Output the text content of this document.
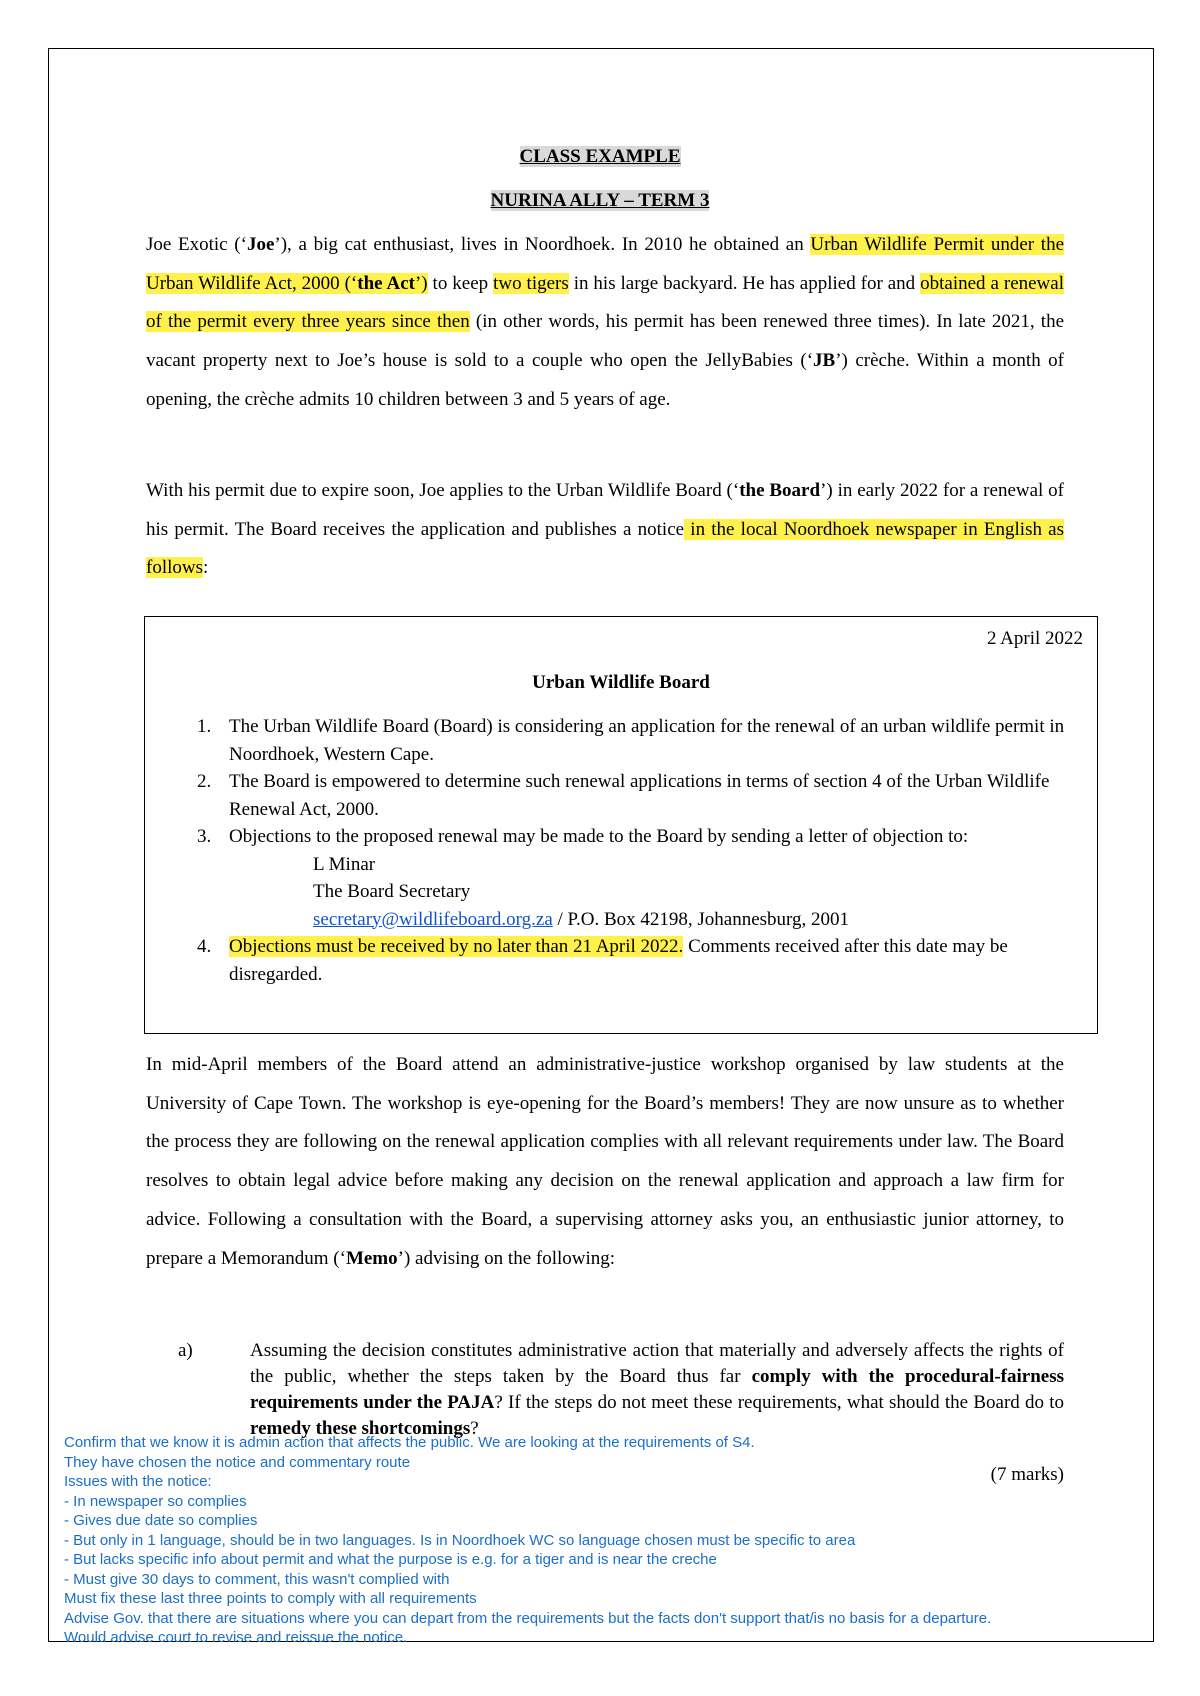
CLASS EXAMPLE
NURINA ALLY – TERM 3
Joe Exotic (‘Joe’), a big cat enthusiast, lives in Noordhoek. In 2010 he obtained an Urban Wildlife Permit under the Urban Wildlife Act, 2000 (‘the Act’) to keep two tigers in his large backyard. He has applied for and obtained a renewal of the permit every three years since then (in other words, his permit has been renewed three times). In late 2021, the vacant property next to Joe’s house is sold to a couple who open the JellyBabies (‘JB’) crèche. Within a month of opening, the crèche admits 10 children between 3 and 5 years of age.
With his permit due to expire soon, Joe applies to the Urban Wildlife Board (‘the Board’) in early 2022 for a renewal of his permit. The Board receives the application and publishes a notice in the local Noordhoek newspaper in English as follows:
2 April 2022
Urban Wildlife Board
1. The Urban Wildlife Board (Board) is considering an application for the renewal of an urban wildlife permit in Noordhoek, Western Cape.
2. The Board is empowered to determine such renewal applications in terms of section 4 of the Urban Wildlife Renewal Act, 2000.
3. Objections to the proposed renewal may be made to the Board by sending a letter of objection to:
L Minar
The Board Secretary
secretary@wildlifeboard.org.za / P.O. Box 42198, Johannesburg, 2001
4. Objections must be received by no later than 21 April 2022. Comments received after this date may be disregarded.
In mid-April members of the Board attend an administrative-justice workshop organised by law students at the University of Cape Town. The workshop is eye-opening for the Board’s members! They are now unsure as to whether the process they are following on the renewal application complies with all relevant requirements under law. The Board resolves to obtain legal advice before making any decision on the renewal application and approach a law firm for advice. Following a consultation with the Board, a supervising attorney asks you, an enthusiastic junior attorney, to prepare a Memorandum (‘Memo’) advising on the following:
a)	Assuming the decision constitutes administrative action that materially and adversely affects the rights of the public, whether the steps taken by the Board thus far comply with the procedural-fairness requirements under the PAJA? If the steps do not meet these requirements, what should the Board do to remedy these shortcomings?
(7 marks)
Confirm that we know it is admin action that affects the public. We are looking at the requirements of S4.
They have chosen the notice and commentary route
Issues with the notice:
- In newspaper so complies
- Gives due date so complies
- But only in 1 language, should be in two languages. Is in Noordhoek WC so language chosen must be specific to area
- But lacks specific info about permit and what the purpose is e.g. for a tiger and is near the creche
- Must give 30 days to comment, this wasn't complied with
Must fix these last three points to comply with all requirements
Advise Gov. that there are situations where you can depart from the requirements but the facts don't support that/is no basis for a departure.
Would advise court to revise and reissue the notice.
